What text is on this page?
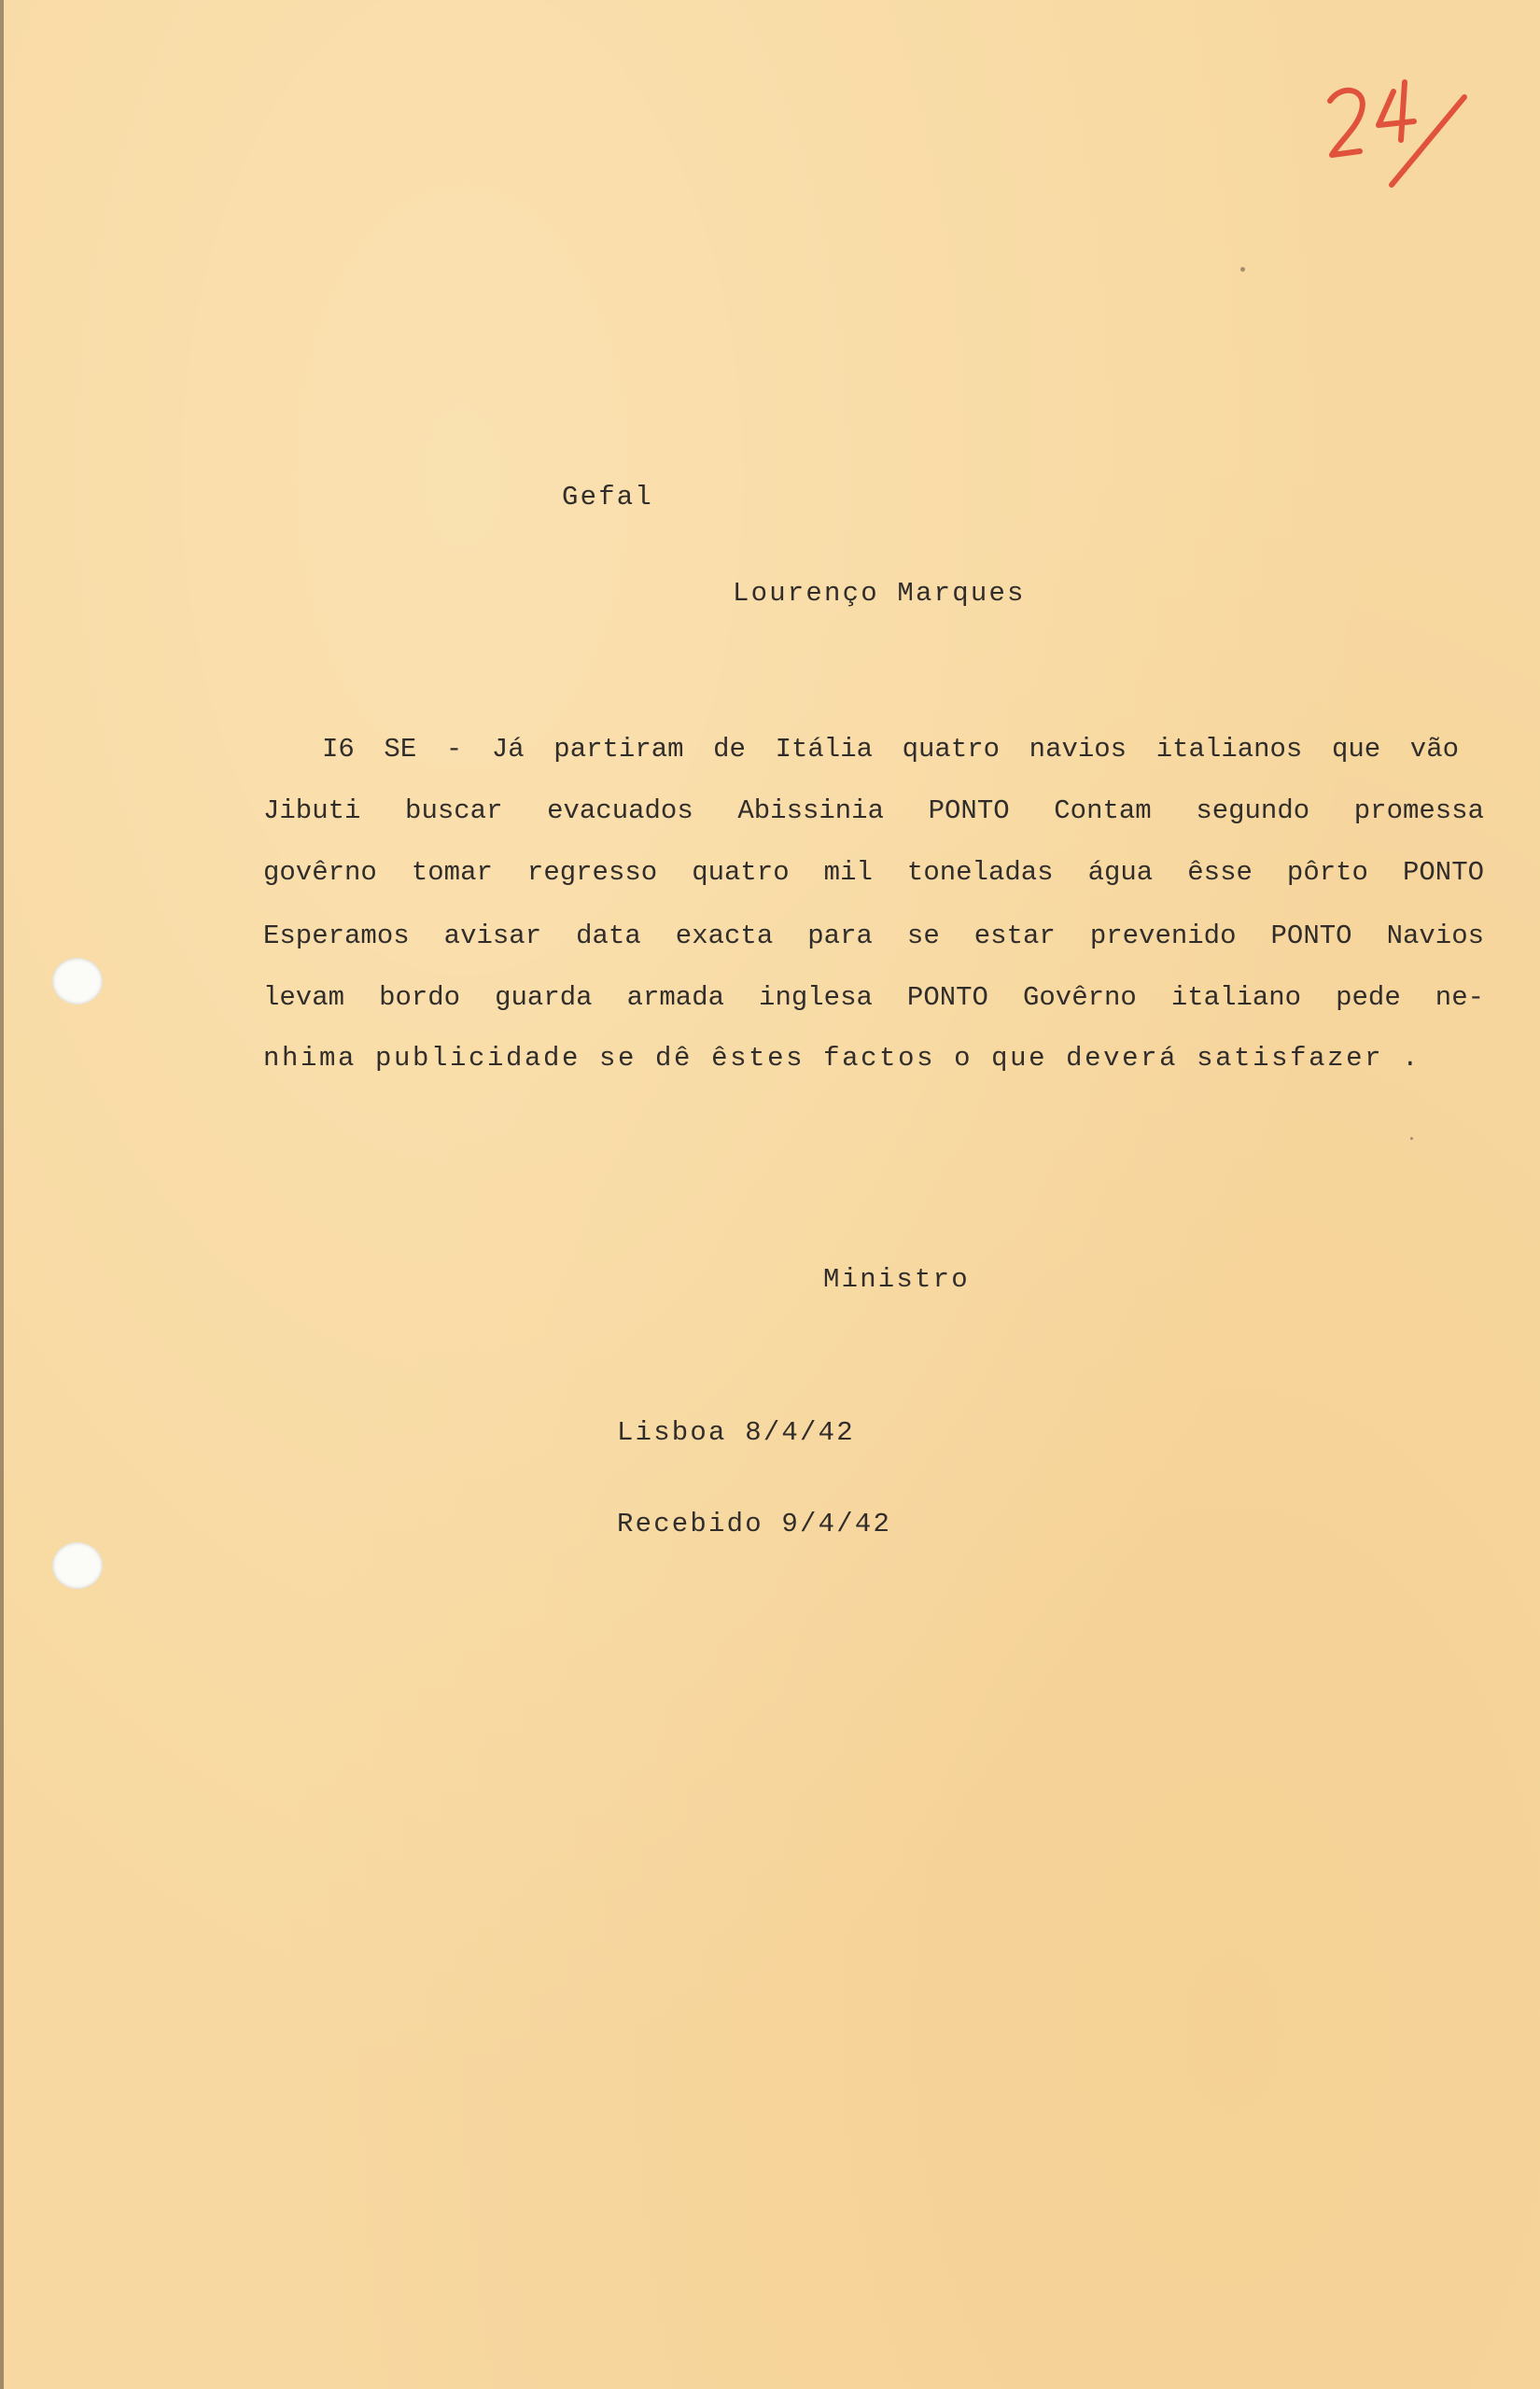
Gefal
Lourenço Marques
I6 SE - Já partiram de Itália quatro navios italianos que vão
Jibuti buscar evacuados Abissinia PONTO Contam segundo promessa
govêrno tomar regresso quatro mil toneladas água êsse pôrto PONTO
Esperamos avisar data exacta para se estar prevenido PONTO Navios
levam bordo guarda armada inglesa PONTO Govêrno italiano pede ne-
nhima publicidade se dê êstes factos o que deverá satisfazer .
Ministro
Lisboa 8/4/42
Recebido 9/4/42
